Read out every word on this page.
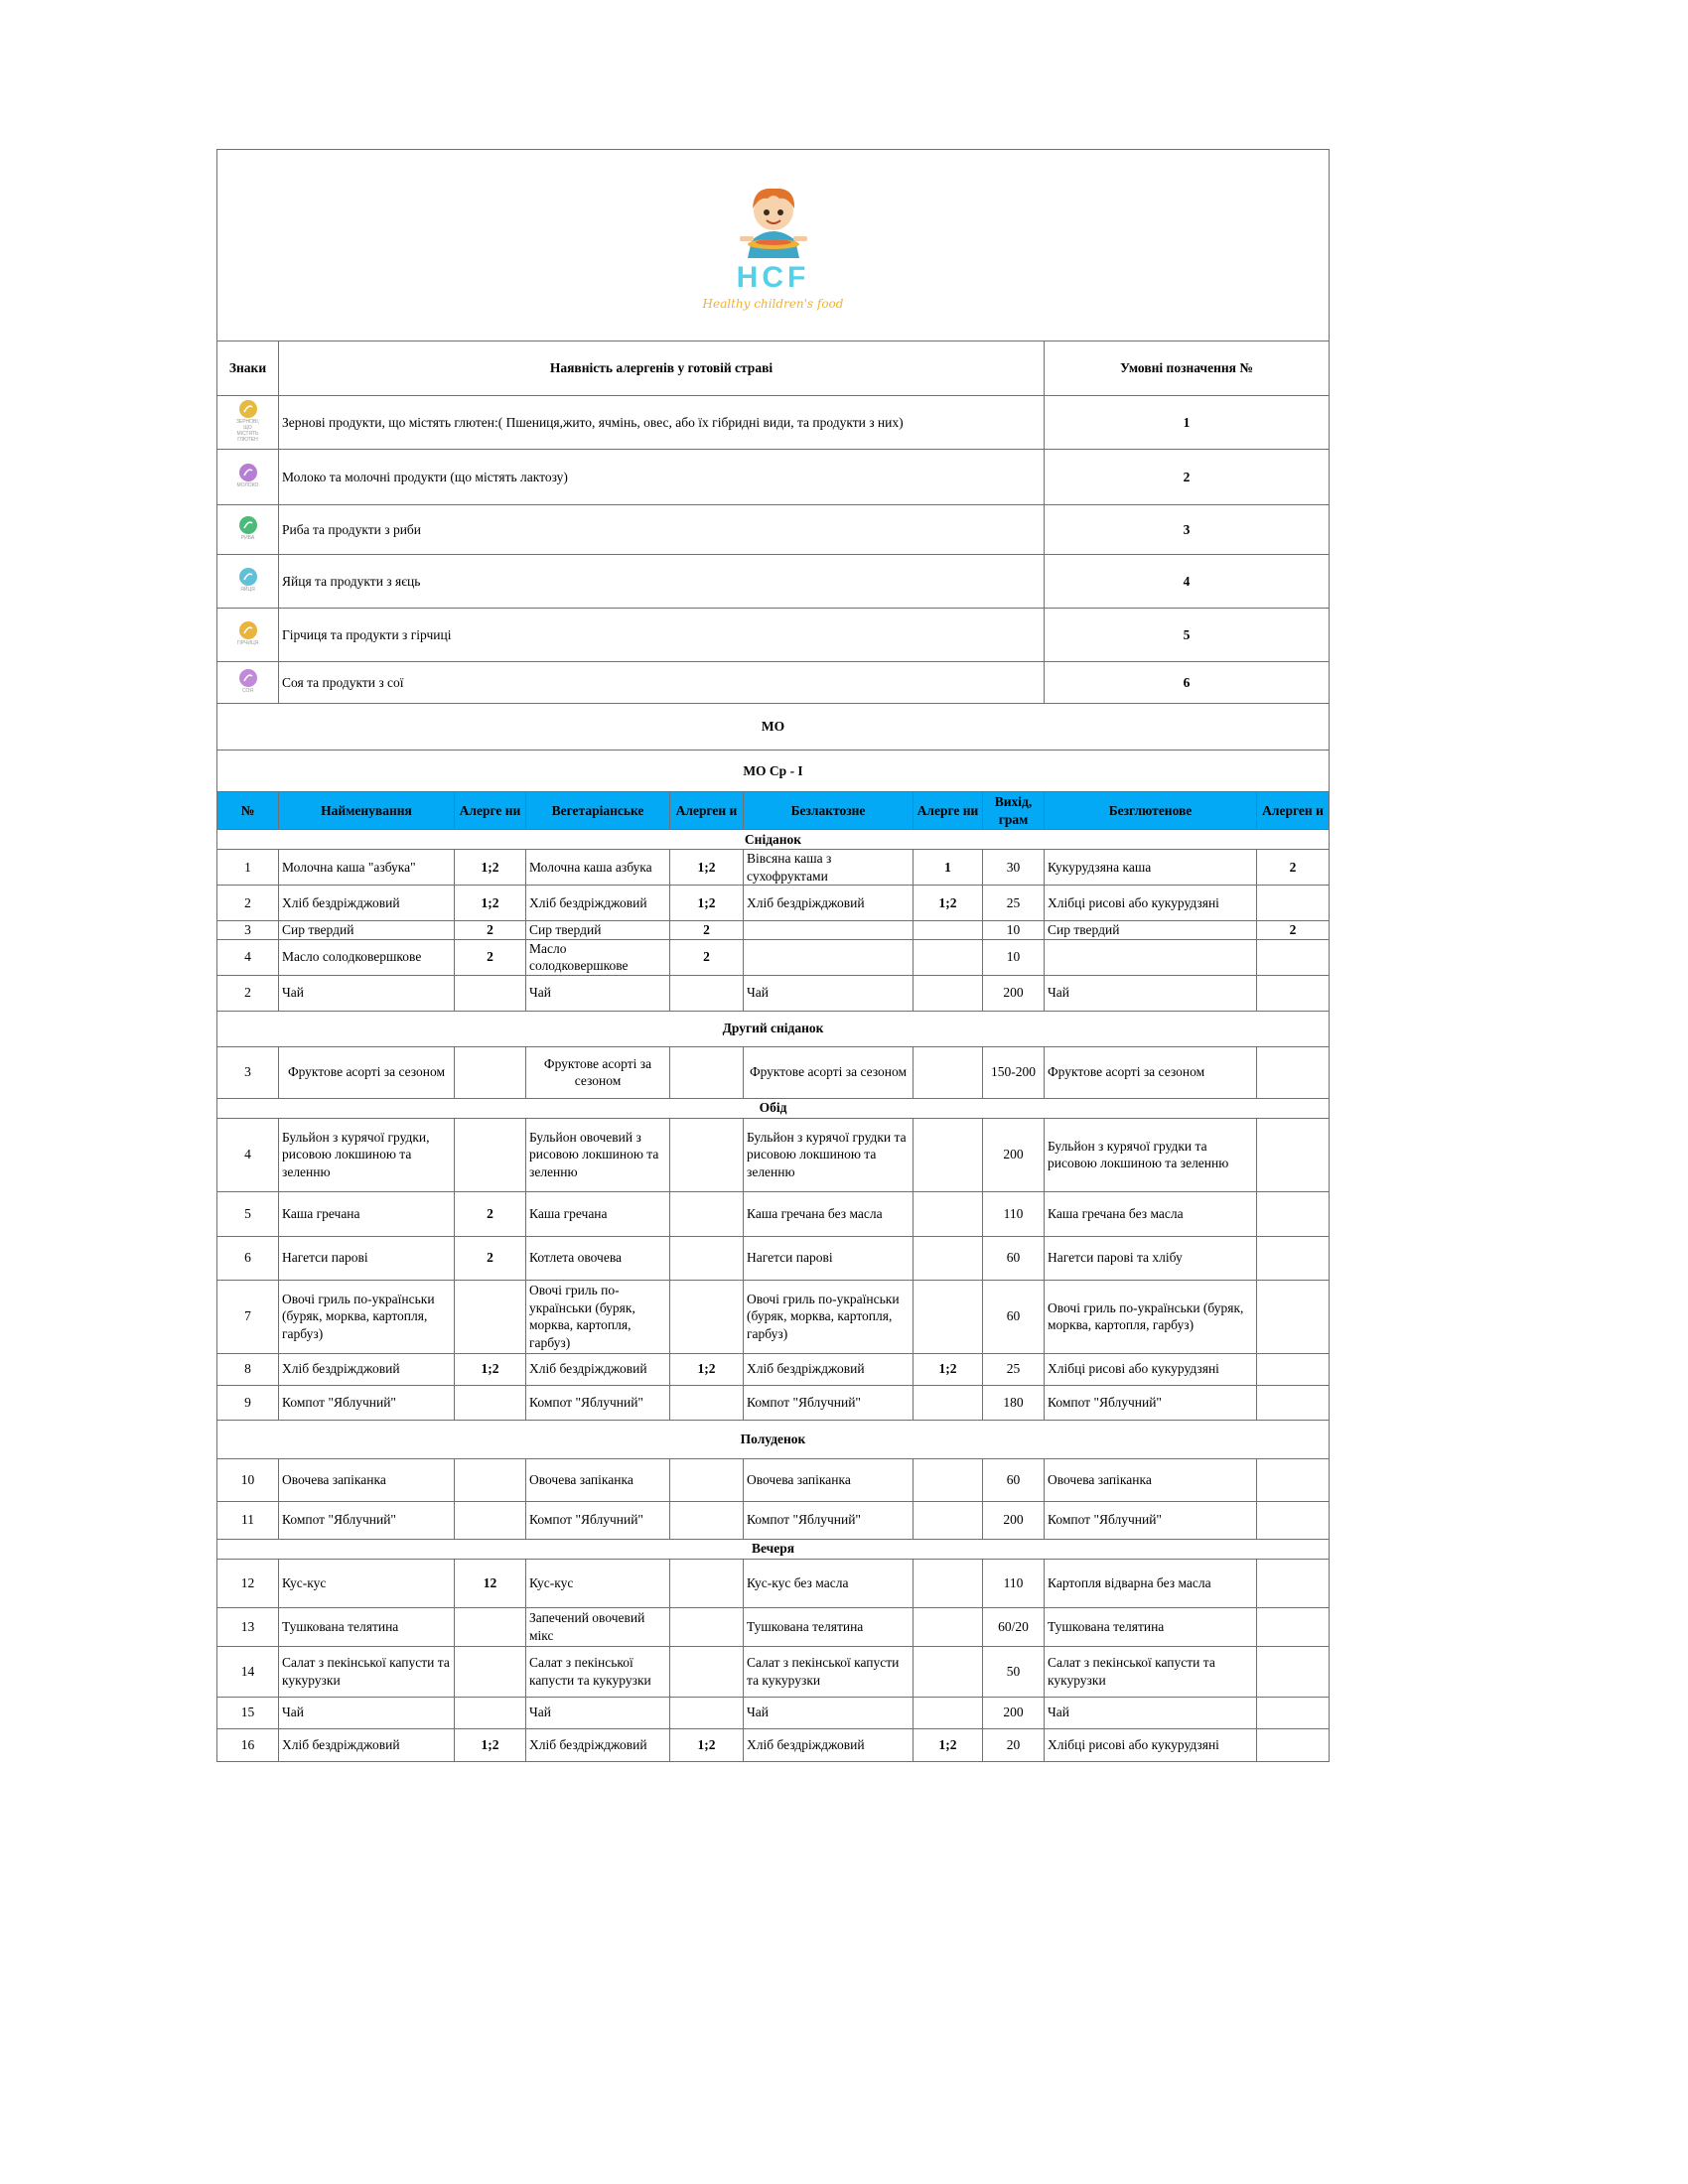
HCF
Healthy children's food									

Знаки	Наявність алергенів у готовій страві							Умовні позначення №	

ЗЕРНОВІ, ЩО МІСТЯТЬ ГЛЮТЕН	Зернові продукти, що містять глютен:( Пшениця,жито, ячмінь, овес, або їх гібридні види, та продукти з них)							1	

МОЛОКО	Молоко та молочні продукти (що містять лактозу)							2	

РИБА	Риба та продукти з риби							3	

ЯЙЦЯ	Яйця та продукти з яєць							4	

ГІРЧИЦЯ	Гірчиця та продукти з гірчиці							5	

СОЯ	Соя та продукти з сої							6	
МО									
МО Ср - I									
№	Найменування	Алерге ни	Вегетаріанське	Алерген и	Безлактозне	Алерге ни	Вихід, грам	Безглютенове	Алерген и
Сніданок									
1	Молочна каша "азбука"	1;2	Молочна каша азбука	1;2	Вівсяна каша з сухофруктами	1	30	Кукурудзяна каша	2
2	Хліб бездріжджовий	1;2	Хліб бездріжджовий	1;2	Хліб бездріжджовий	1;2	25	Хлібці рисові або кукурудзяні	
3	Сир твердий	2	Сир твердий	2			10	Сир твердий	2
4	Масло солодковершкове	2	Масло солодковершкове	2			10		
2	Чай		Чай		Чай		200	Чай	
Другий сніданок									
3	Фруктове асорті за сезоном		Фруктове асорті за сезоном		Фруктове асорті за сезоном		150-200	Фруктове асорті за сезоном	
Обід									
4	Бульйон з курячої грудки, рисовою локшиною та зеленню		Бульйон овочевий з рисовою локшиною та зеленню		Бульйон з курячої грудки та рисовою локшиною та зеленню		200	Бульйон з курячої грудки та рисовою локшиною та зеленню	
5	Каша гречана	2	Каша гречана		Каша гречана без масла		110	Каша гречана без масла	
6	Нагетси парові	2	Котлета овочева		Нагетси парові		60	Нагетси парові та хлібу	
7	Овочі гриль по-українськи (буряк, морква, картопля, гарбуз)		Овочі гриль по-українськи (буряк, морква, картопля, гарбуз)		Овочі гриль по-українськи (буряк, морква, картопля, гарбуз)		60	Овочі гриль по-українськи (буряк, морква, картопля, гарбуз)	
8	Хліб бездріжджовий	1;2	Хліб бездріжджовий	1;2	Хліб бездріжджовий	1;2	25	Хлібці рисові або кукурудзяні	
9	Компот "Яблучний"		Компот "Яблучний"		Компот "Яблучний"		180	Компот "Яблучний"	
Полуденок									
10	Овочева запіканка		Овочева запіканка		Овочева запіканка		60	Овочева запіканка	
11	Компот "Яблучний"		Компот "Яблучний"		Компот "Яблучний"		200	Компот "Яблучний"	
Вечеря									
12	Кус-кус	12	Кус-кус		Кус-кус без масла		110	Картопля відварна без масла	
13	Тушкована телятина		Запечений овочевий мікс		Тушкована телятина		60/20	Тушкована телятина	
14	Салат з пекінської капусти та кукурузки		Салат з пекінської капусти та кукурузки		Салат з пекінської капусти та кукурузки		50	Салат з пекінської капусти та кукурузки	
15	Чай		Чай		Чай		200	Чай	
16	Хліб бездріжджовий	1;2	Хліб бездріжджовий	1;2	Хліб бездріжджовий	1;2	20	Хлібці рисові або кукурудзяні	
